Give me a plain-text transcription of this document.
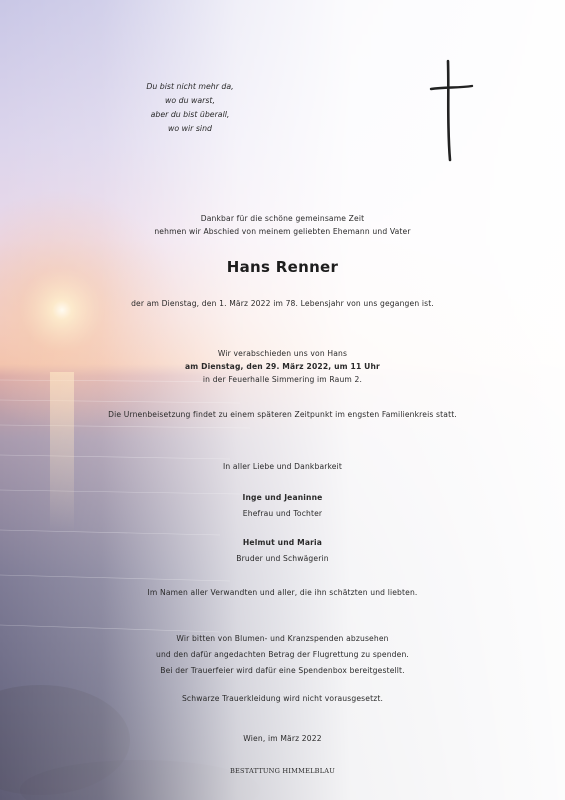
Du bist nicht mehr da,
wo du warst,
aber du bist überall,
wo wir sind
Dankbar für die schöne gemeinsame Zeit
nehmen wir Abschied von meinem geliebten Ehemann und Vater
Hans Renner
der am Dienstag, den 1. März 2022 im 78. Lebensjahr von uns gegangen ist.
Wir verabschieden uns von Hans
am Dienstag, den 29. März 2022, um 11 Uhr
in der Feuerhalle Simmering im Raum 2.
Die Urnenbeisetzung findet zu einem späteren Zeitpunkt im engsten Familienkreis statt.
In aller Liebe und Dankbarkeit
Inge und Jeaninne
Ehefrau und Tochter
Helmut und Maria
Bruder und Schwägerin
Im Namen aller Verwandten und aller, die ihn schätzten und liebten.
Wir bitten von Blumen- und Kranzspenden abzusehen
und den dafür angedachten Betrag der Flugrettung zu spenden.
Bei der Trauerfeier wird dafür eine Spendenbox bereitgestellt.
Schwarze Trauerkleidung wird nicht vorausgesetzt.
Wien, im März 2022
BESTATTUNG HIMMELBLAU
